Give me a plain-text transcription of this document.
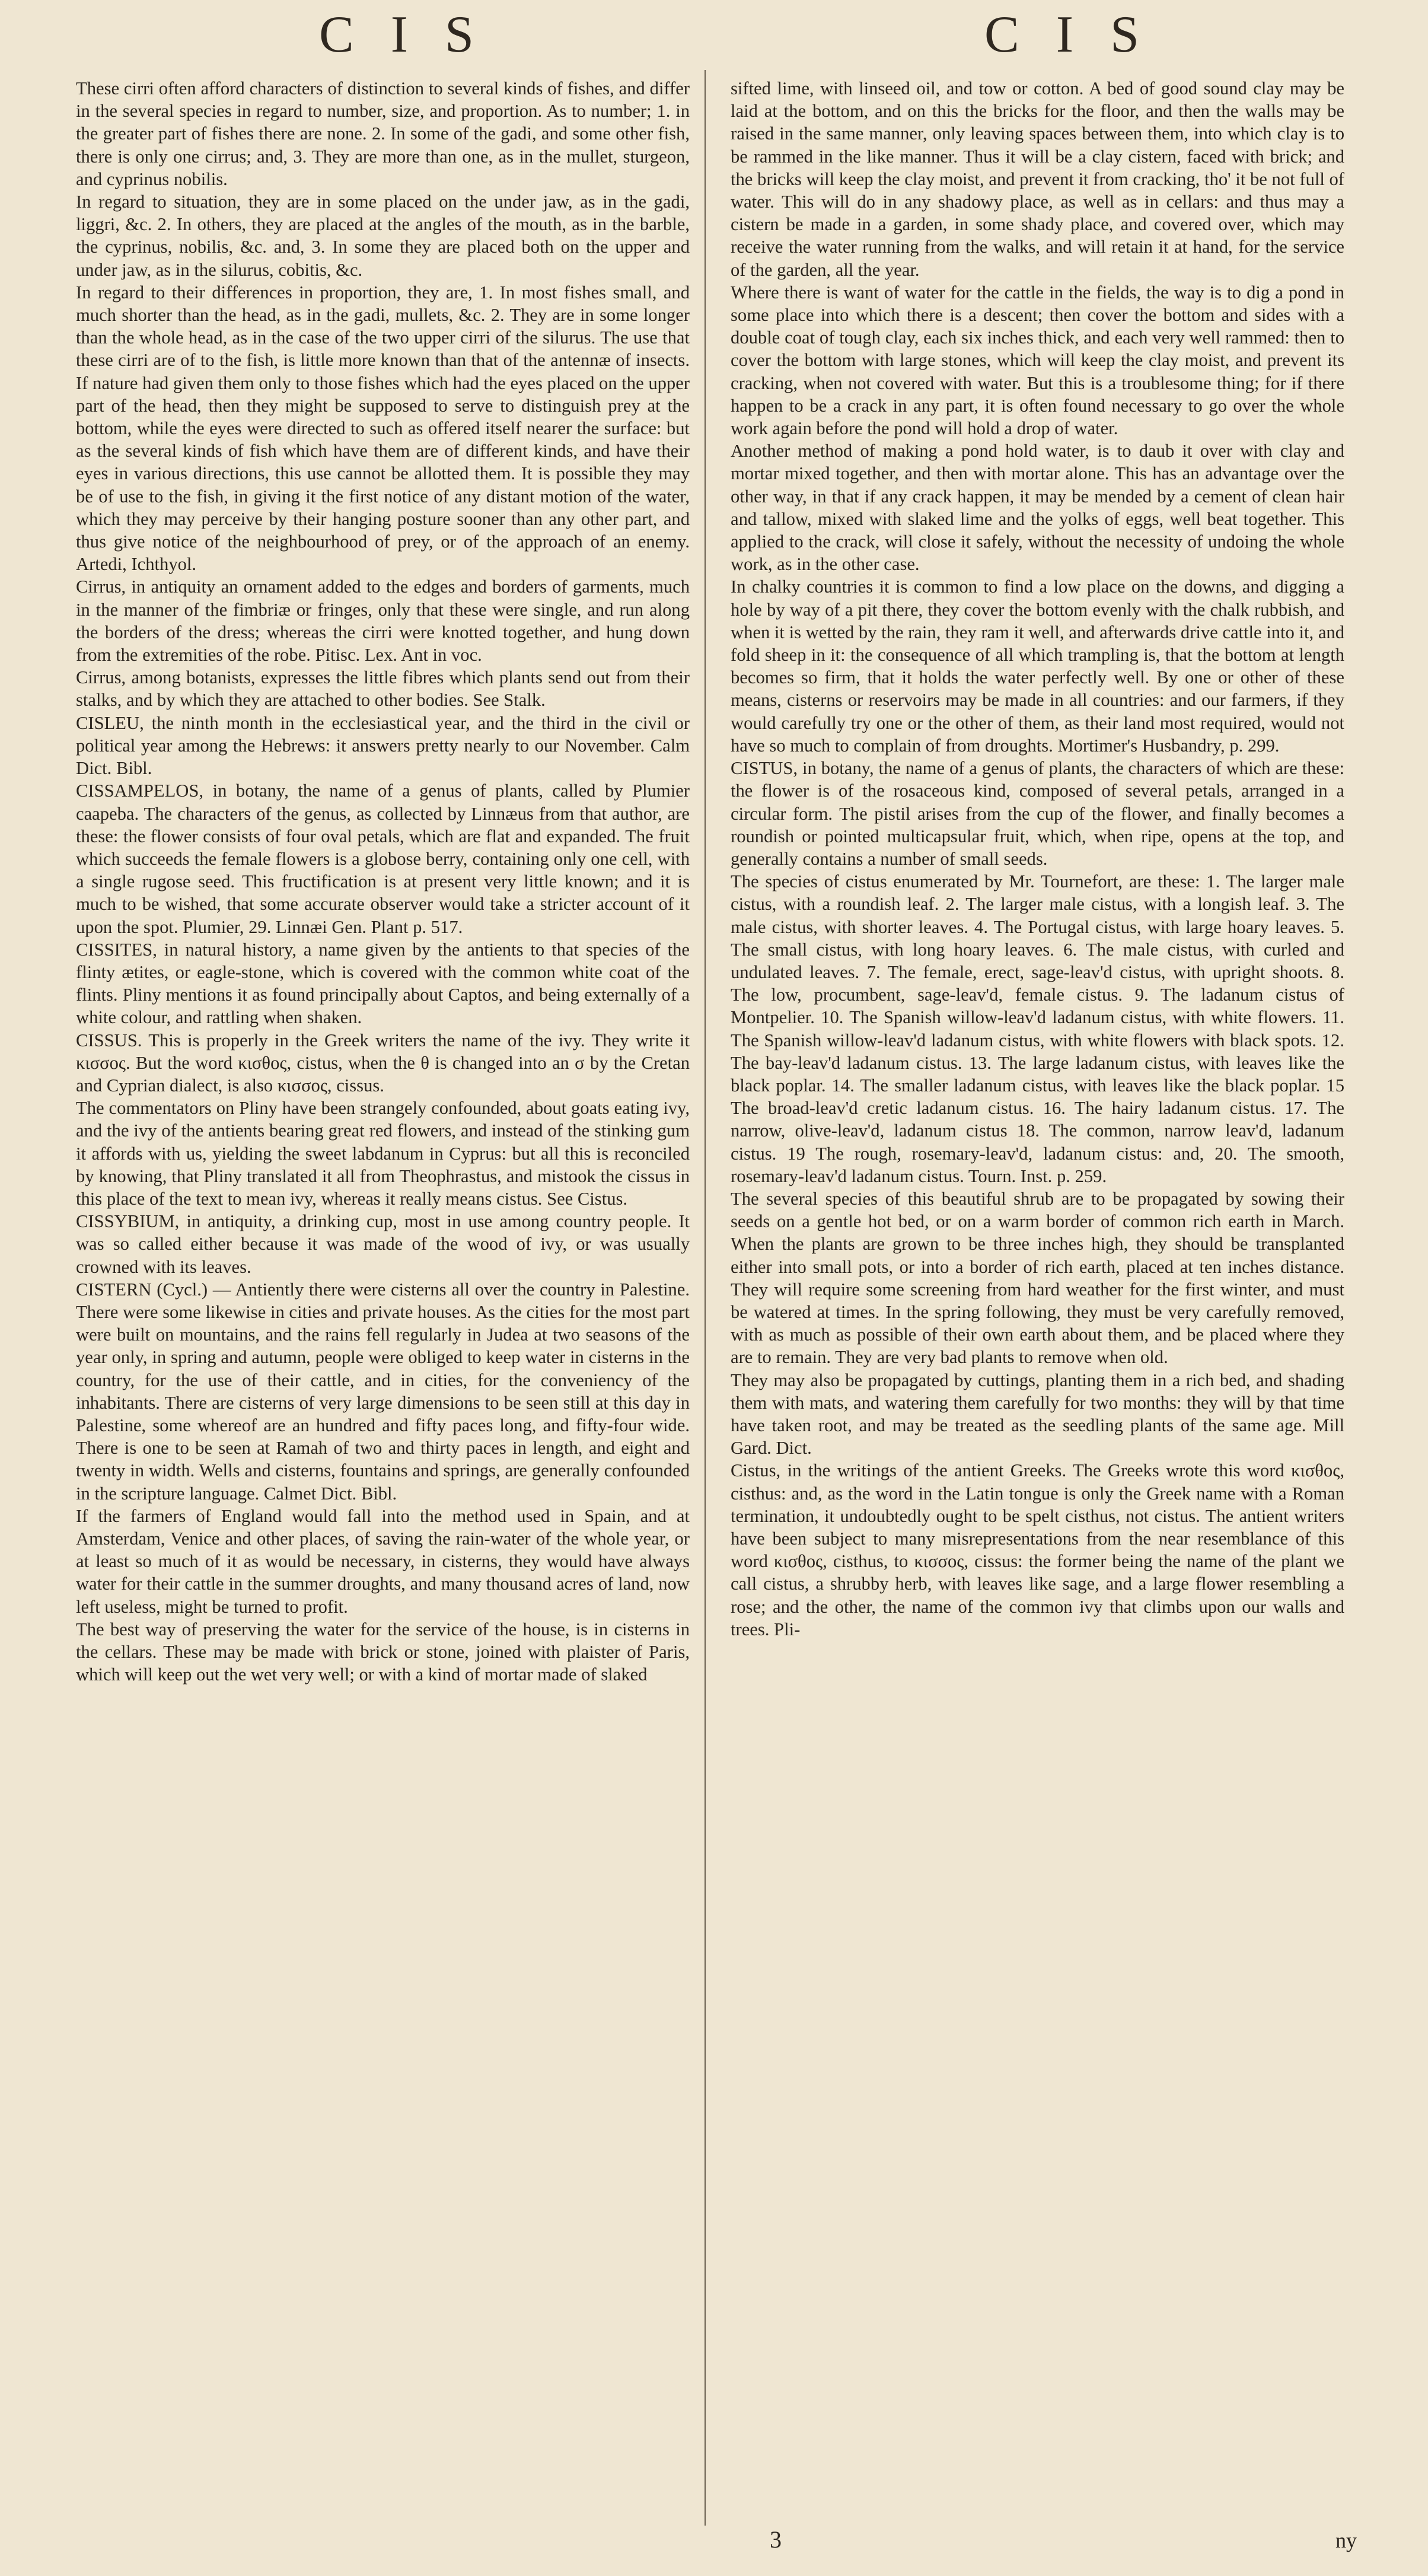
C I S	C I S

These cirri often afford characters of distinction to several kinds of fishes, and differ in the several species in regard to number, size, and proportion. As to number; 1. in the greater part of fishes there are none. 2. In some of the gadi, and some other fish, there is only one cirrus; and, 3. They are more than one, as in the mullet, sturgeon, and cyprinus nobilis.

In regard to situation, they are in some placed on the under jaw, as in the gadi, liggri, &c. 2. In others, they are placed at the angles of the mouth, as in the barble, the cyprinus, nobilis, &c. and, 3. In some they are placed both on the upper and under jaw, as in the silurus, cobitis, &c.

In regard to their differences in proportion, they are, 1. In most fishes small, and much shorter than the head, as in the gadi, mullets, &c. 2. They are in some longer than the whole head, as in the case of the two upper cirri of the silurus. The use that these cirri are of to the fish, is little more known than that of the antennæ of insects. If nature had given them only to those fishes which had the eyes placed on the upper part of the head, then they might be supposed to serve to distinguish prey at the bottom, while the eyes were directed to such as offered itself nearer the surface: but as the several kinds of fish which have them are of different kinds, and have their eyes in various directions, this use cannot be allotted them. It is possible they may be of use to the fish, in giving it the first notice of any distant motion of the water, which they may perceive by their hanging posture sooner than any other part, and thus give notice of the neighbourhood of prey, or of the approach of an enemy. Artedi, Ichthyol.

Cirrus, in antiquity an ornament added to the edges and borders of garments, much in the manner of the fimbriæ or fringes, only that these were single, and run along the borders of the dress; whereas the cirri were knotted together, and hung down from the extremities of the robe. Pitisc. Lex. Ant in voc.

Cirrus, among botanists, expresses the little fibres which plants send out from their stalks, and by which they are attached to other bodies. See Stalk.

CISLEU, the ninth month in the ecclesiastical year, and the third in the civil or political year among the Hebrews: it answers pretty nearly to our November. Calm Dict. Bibl.

CISSAMPELOS, in botany, the name of a genus of plants, called by Plumier caapeba. The characters of the genus, as collected by Linnæus from that author, are these: the flower consists of four oval petals, which are flat and expanded. The fruit which succeeds the female flowers is a globose berry, containing only one cell, with a single rugose seed. This fructification is at present very little known; and it is much to be wished, that some accurate observer would take a stricter account of it upon the spot. Plumier, 29. Linnæi Gen. Plant p. 517.

CISSITES, in natural history, a name given by the antients to that species of the flinty ætites, or eagle-stone, which is covered with the common white coat of the flints. Pliny mentions it as found principally about Captos, and being externally of a white colour, and rattling when shaken.

CISSUS. This is properly in the Greek writers the name of the ivy. They write it κισσος. But the word κισθος, cistus, when the θ is changed into an σ by the Cretan and Cyprian dialect, is also κισσος, cissus.

The commentators on Pliny have been strangely confounded, about goats eating ivy, and the ivy of the antients bearing great red flowers, and instead of the stinking gum it affords with us, yielding the sweet labdanum in Cyprus: but all this is reconciled by knowing, that Pliny translated it all from Theophrastus, and mistook the cissus in this place of the text to mean ivy, whereas it really means cistus. See Cistus.

CISSYBIUM, in antiquity, a drinking cup, most in use among country people. It was so called either because it was made of the wood of ivy, or was usually crowned with its leaves.

CISTERN (Cycl.) — Antiently there were cisterns all over the country in Palestine. There were some likewise in cities and private houses. As the cities for the most part were built on mountains, and the rains fell regularly in Judea at two seasons of the year only, in spring and autumn, people were obliged to keep water in cisterns in the country, for the use of their cattle, and in cities, for the conveniency of the inhabitants. There are cisterns of very large dimensions to be seen still at this day in Palestine, some whereof are an hundred and fifty paces long, and fifty-four wide. There is one to be seen at Ramah of two and thirty paces in length, and eight and twenty in width. Wells and cisterns, fountains and springs, are generally confounded in the scripture language. Calmet Dict. Bibl.

If the farmers of England would fall into the method used in Spain, and at Amsterdam, Venice and other places, of saving the rain-water of the whole year, or at least so much of it as would be necessary, in cisterns, they would have always water for their cattle in the summer droughts, and many thousand acres of land, now left useless, might be turned to profit.

The best way of preserving the water for the service of the house, is in cisterns in the cellars. These may be made with brick or stone, joined with plaister of Paris, which will keep out the wet very well; or with a kind of mortar made of slaked

sifted lime, with linseed oil, and tow or cotton. A bed of good sound clay may be laid at the bottom, and on this the bricks for the floor, and then the walls may be raised in the same manner, only leaving spaces between them, into which clay is to be rammed in the like manner. Thus it will be a clay cistern, faced with brick; and the bricks will keep the clay moist, and prevent it from cracking, tho' it be not full of water. This will do in any shadowy place, as well as in cellars: and thus may a cistern be made in a garden, in some shady place, and covered over, which may receive the water running from the walks, and will retain it at hand, for the service of the garden, all the year.

Where there is want of water for the cattle in the fields, the way is to dig a pond in some place into which there is a descent; then cover the bottom and sides with a double coat of tough clay, each six inches thick, and each very well rammed: then to cover the bottom with large stones, which will keep the clay moist, and prevent its cracking, when not covered with water. But this is a troublesome thing; for if there happen to be a crack in any part, it is often found necessary to go over the whole work again before the pond will hold a drop of water.

Another method of making a pond hold water, is to daub it over with clay and mortar mixed together, and then with mortar alone. This has an advantage over the other way, in that if any crack happen, it may be mended by a cement of clean hair and tallow, mixed with slaked lime and the yolks of eggs, well beat together. This applied to the crack, will close it safely, without the necessity of undoing the whole work, as in the other case.

In chalky countries it is common to find a low place on the downs, and digging a hole by way of a pit there, they cover the bottom evenly with the chalk rubbish, and when it is wetted by the rain, they ram it well, and afterwards drive cattle into it, and fold sheep in it: the consequence of all which trampling is, that the bottom at length becomes so firm, that it holds the water perfectly well. By one or other of these means, cisterns or reservoirs may be made in all countries: and our farmers, if they would carefully try one or the other of them, as their land most required, would not have so much to complain of from droughts. Mortimer's Husbandry, p. 299.

CISTUS, in botany, the name of a genus of plants, the characters of which are these: the flower is of the rosaceous kind, composed of several petals, arranged in a circular form. The pistil arises from the cup of the flower, and finally becomes a roundish or pointed multicapsular fruit, which, when ripe, opens at the top, and generally contains a number of small seeds.

The species of cistus enumerated by Mr. Tournefort, are these: 1. The larger male cistus, with a roundish leaf. 2. The larger male cistus, with a longish leaf. 3. The male cistus, with shorter leaves. 4. The Portugal cistus, with large hoary leaves. 5. The small cistus, with long hoary leaves. 6. The male cistus, with curled and undulated leaves. 7. The female, erect, sage-leav'd cistus, with upright shoots. 8. The low, procumbent, sage-leav'd, female cistus. 9. The ladanum cistus of Montpelier. 10. The Spanish willow-leav'd ladanum cistus, with white flowers. 11. The Spanish willow-leav'd ladanum cistus, with white flowers with black spots. 12. The bay-leav'd ladanum cistus. 13. The large ladanum cistus, with leaves like the black poplar. 14. The smaller ladanum cistus, with leaves like the black poplar. 15 The broad-leav'd cretic ladanum cistus. 16. The hairy ladanum cistus. 17. The narrow, olive-leav'd, ladanum cistus 18. The common, narrow leav'd, ladanum cistus. 19 The rough, rosemary-leav'd, ladanum cistus: and, 20. The smooth, rosemary-leav'd ladanum cistus. Tourn. Inst. p. 259.

The several species of this beautiful shrub are to be propagated by sowing their seeds on a gentle hot bed, or on a warm border of common rich earth in March. When the plants are grown to be three inches high, they should be transplanted either into small pots, or into a border of rich earth, placed at ten inches distance. They will require some screening from hard weather for the first winter, and must be watered at times. In the spring following, they must be very carefully removed, with as much as possible of their own earth about them, and be placed where they are to remain. They are very bad plants to remove when old.

They may also be propagated by cuttings, planting them in a rich bed, and shading them with mats, and watering them carefully for two months: they will by that time have taken root, and may be treated as the seedling plants of the same age. Mill Gard. Dict.

Cistus, in the writings of the antient Greeks. The Greeks wrote this word κισθος, cisthus: and, as the word in the Latin tongue is only the Greek name with a Roman termination, it undoubtedly ought to be spelt cisthus, not cistus. The antient writers have been subject to many misrepresentations from the near resemblance of this word κισθος, cisthus, to κισσος, cissus: the former being the name of the plant we call cistus, a shrubby herb, with leaves like sage, and a large flower resembling a rose; and the other, the name of the common ivy that climbs upon our walls and trees. Pli-

3	ny
